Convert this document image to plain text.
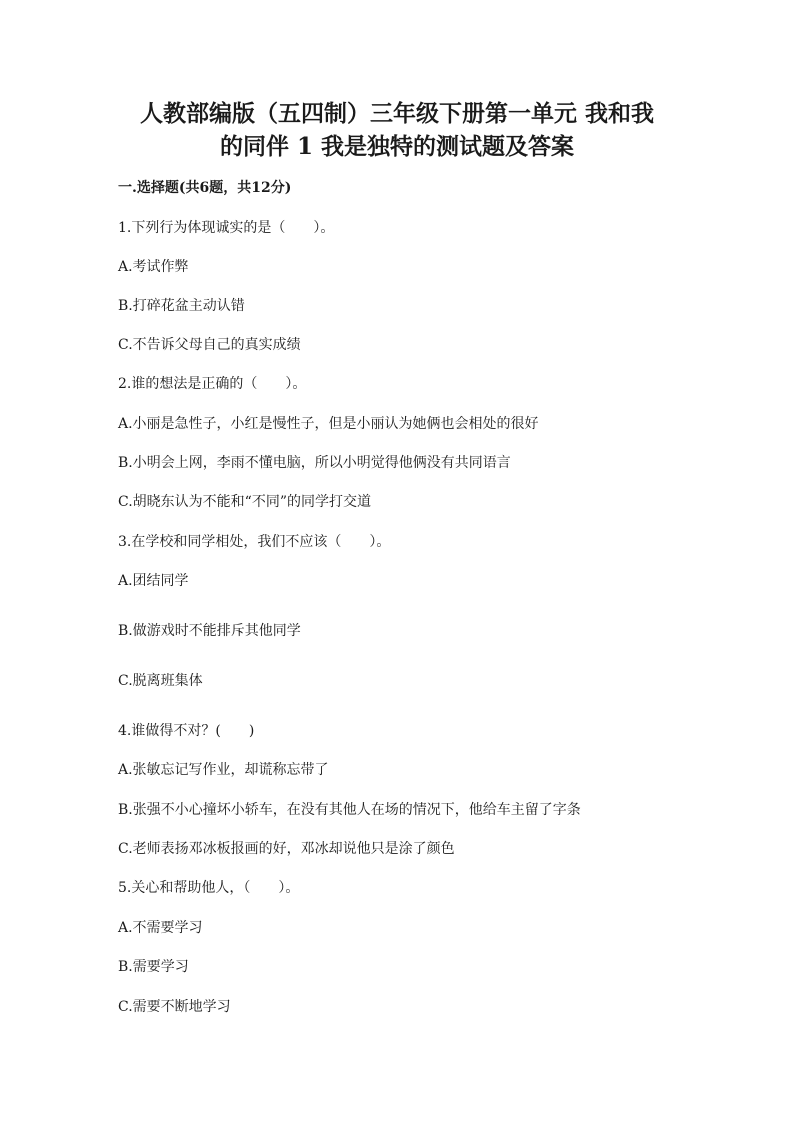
人教部编版（五四制）三年级下册第一单元 我和我
的同伴 1 我是独特的测试题及答案

一.选择题(共6题，共12分)

1.下列行为体现诚实的是（　　）。

A.考试作弊

B.打碎花盆主动认错

C.不告诉父母自己的真实成绩

2.谁的想法是正确的（　　）。

A.小丽是急性子，小红是慢性子，但是小丽认为她俩也会相处的很好

B.小明会上网，李雨不懂电脑，所以小明觉得他俩没有共同语言

C.胡晓东认为不能和“不同”的同学打交道

3.在学校和同学相处，我们不应该（　　）。

A.团结同学

B.做游戏时不能排斥其他同学

C.脱离班集体

4.谁做得不对？(　　)

A.张敏忘记写作业，却谎称忘带了

B.张强不小心撞坏小轿车，在没有其他人在场的情况下，他给车主留了字条

C.老师表扬邓冰板报画的好，邓冰却说他只是涂了颜色

5.关心和帮助他人，（　　）。

A.不需要学习

B.需要学习

C.需要不断地学习
